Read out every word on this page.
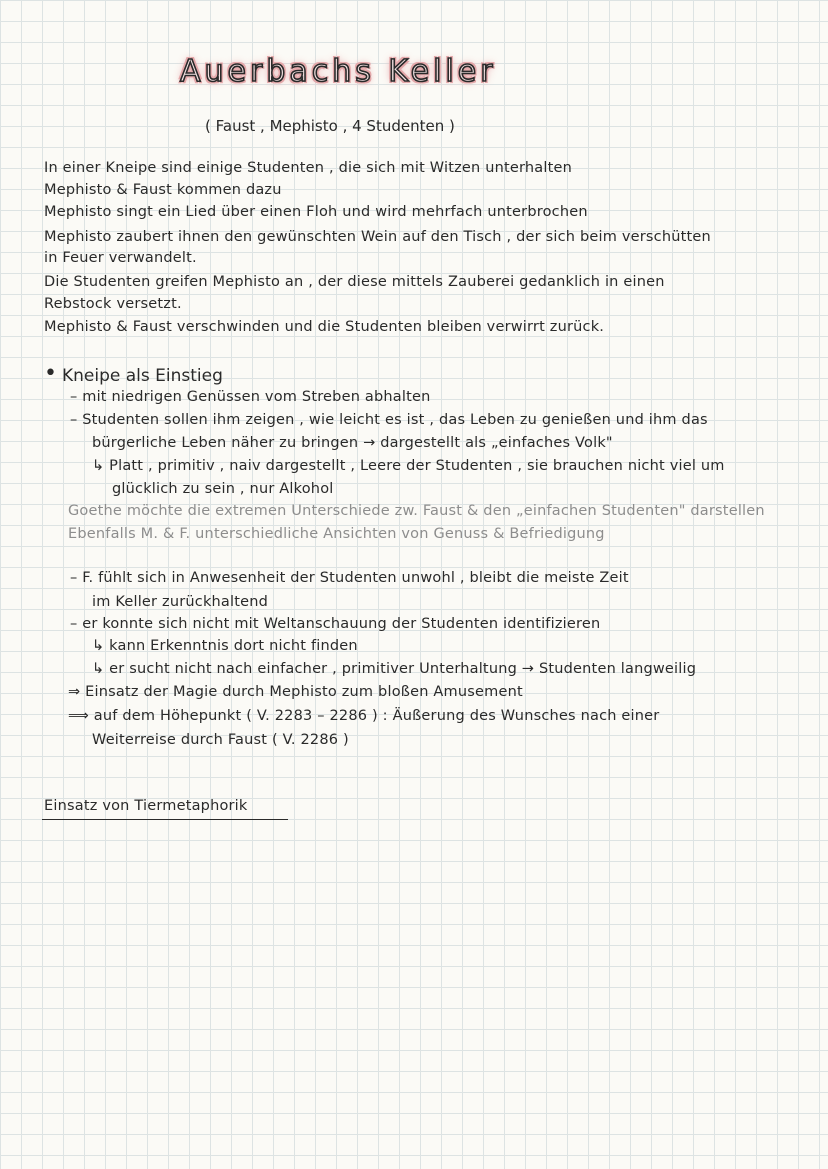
Auerbachs Keller
( Faust , Mephisto , 4 Studenten )
In einer Kneipe sind einige Studenten , die sich mit Witzen unterhalten
Mephisto & Faust kommen dazu
Mephisto singt ein Lied über einen Floh und wird mehrfach unterbrochen
Mephisto zaubert ihnen den gewünschten Wein auf den Tisch , der sich beim verschütten
in Feuer verwandelt.
Die Studenten greifen Mephisto an , der diese mittels Zauberei gedanklich in einen
Rebstock versetzt.
Mephisto & Faust verschwinden und die Studenten bleiben verwirrt zurück.
• Kneipe als Einstieg
– mit niedrigen Genüssen vom Streben abhalten
– Studenten sollen ihm zeigen , wie leicht es ist , das Leben zu genießen und ihm das
bürgerliche Leben näher zu bringen → dargestellt als „einfaches Volk"
↳ Platt , primitiv , naiv dargestellt , Leere der Studenten , sie brauchen nicht viel um
glücklich zu sein , nur Alkohol
Goethe möchte die extremen Unterschiede zw. Faust & den „einfachen Studenten" darstellen
Ebenfalls M. & F. unterschiedliche Ansichten von Genuss & Befriedigung
– F. fühlt sich in Anwesenheit der Studenten unwohl , bleibt die meiste Zeit
im Keller zurückhaltend
– er konnte sich nicht mit Weltanschauung der Studenten identifizieren
↳ kann Erkenntnis dort nicht finden
↳ er sucht nicht nach einfacher , primitiver Unterhaltung → Studenten langweilig
⇒ Einsatz der Magie durch Mephisto zum bloßen Amusement
⟹ auf dem Höhepunkt ( V. 2283 – 2286 ) : Äußerung des Wunsches nach einer
Weiterreise durch Faust ( V. 2286 )
Einsatz von Tiermetaphorik
